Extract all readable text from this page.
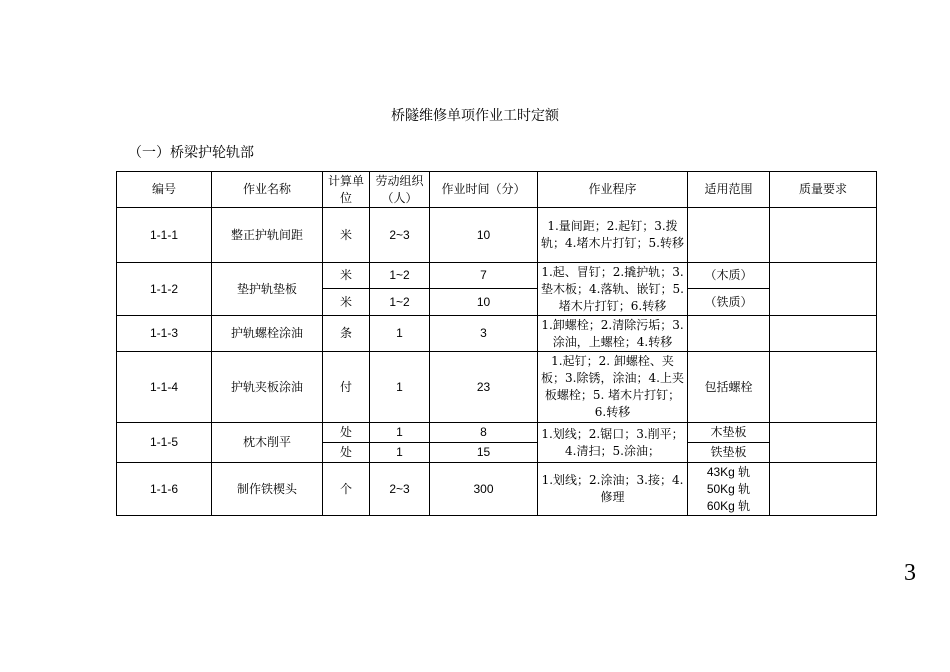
桥隧维修单项作业工时定额
（一）桥梁护轮轨部
编号	作业名称	计算单位	劳动组织（人）	作业时间（分）	作业程序	适用范围	质量要求
1-1-1	整正护轨间距	米	2~3	10	1.量间距；2.起钉；3.拨轨；4.堵木片打钉；5.转移		
1-1-2	垫护轨垫板	米	1~2	7	1.起、冒钉；2.撬护轨；3.垫木板；4.落轨、嵌钉；5. 堵木片打钉；6.转移	（木质）	
		米	1~2	10		（铁质）	
1-1-3	护轨螺栓涂油	条	1	3	1.卸螺栓；2.清除污垢；3.涂油，上螺栓；4.转移		
1-1-4	护轨夹板涂油	付	1	23	1.起钉；2. 卸螺栓、夹板；3.除锈，涂油；4.上夹板螺栓；5. 堵木片打钉；6.转移	包括螺栓	
1-1-5	枕木削平	处	1	8	1.划线；2.锯口；3.削平；4.清扫；5.涂油；	木垫板	
		处	1	15		铁垫板	
1-1-6	制作铁楔头	个	2~3	300	1.划线；2.涂油；3.接；4.修理	43Kg 轨
50Kg 轨
60Kg 轨	

3
